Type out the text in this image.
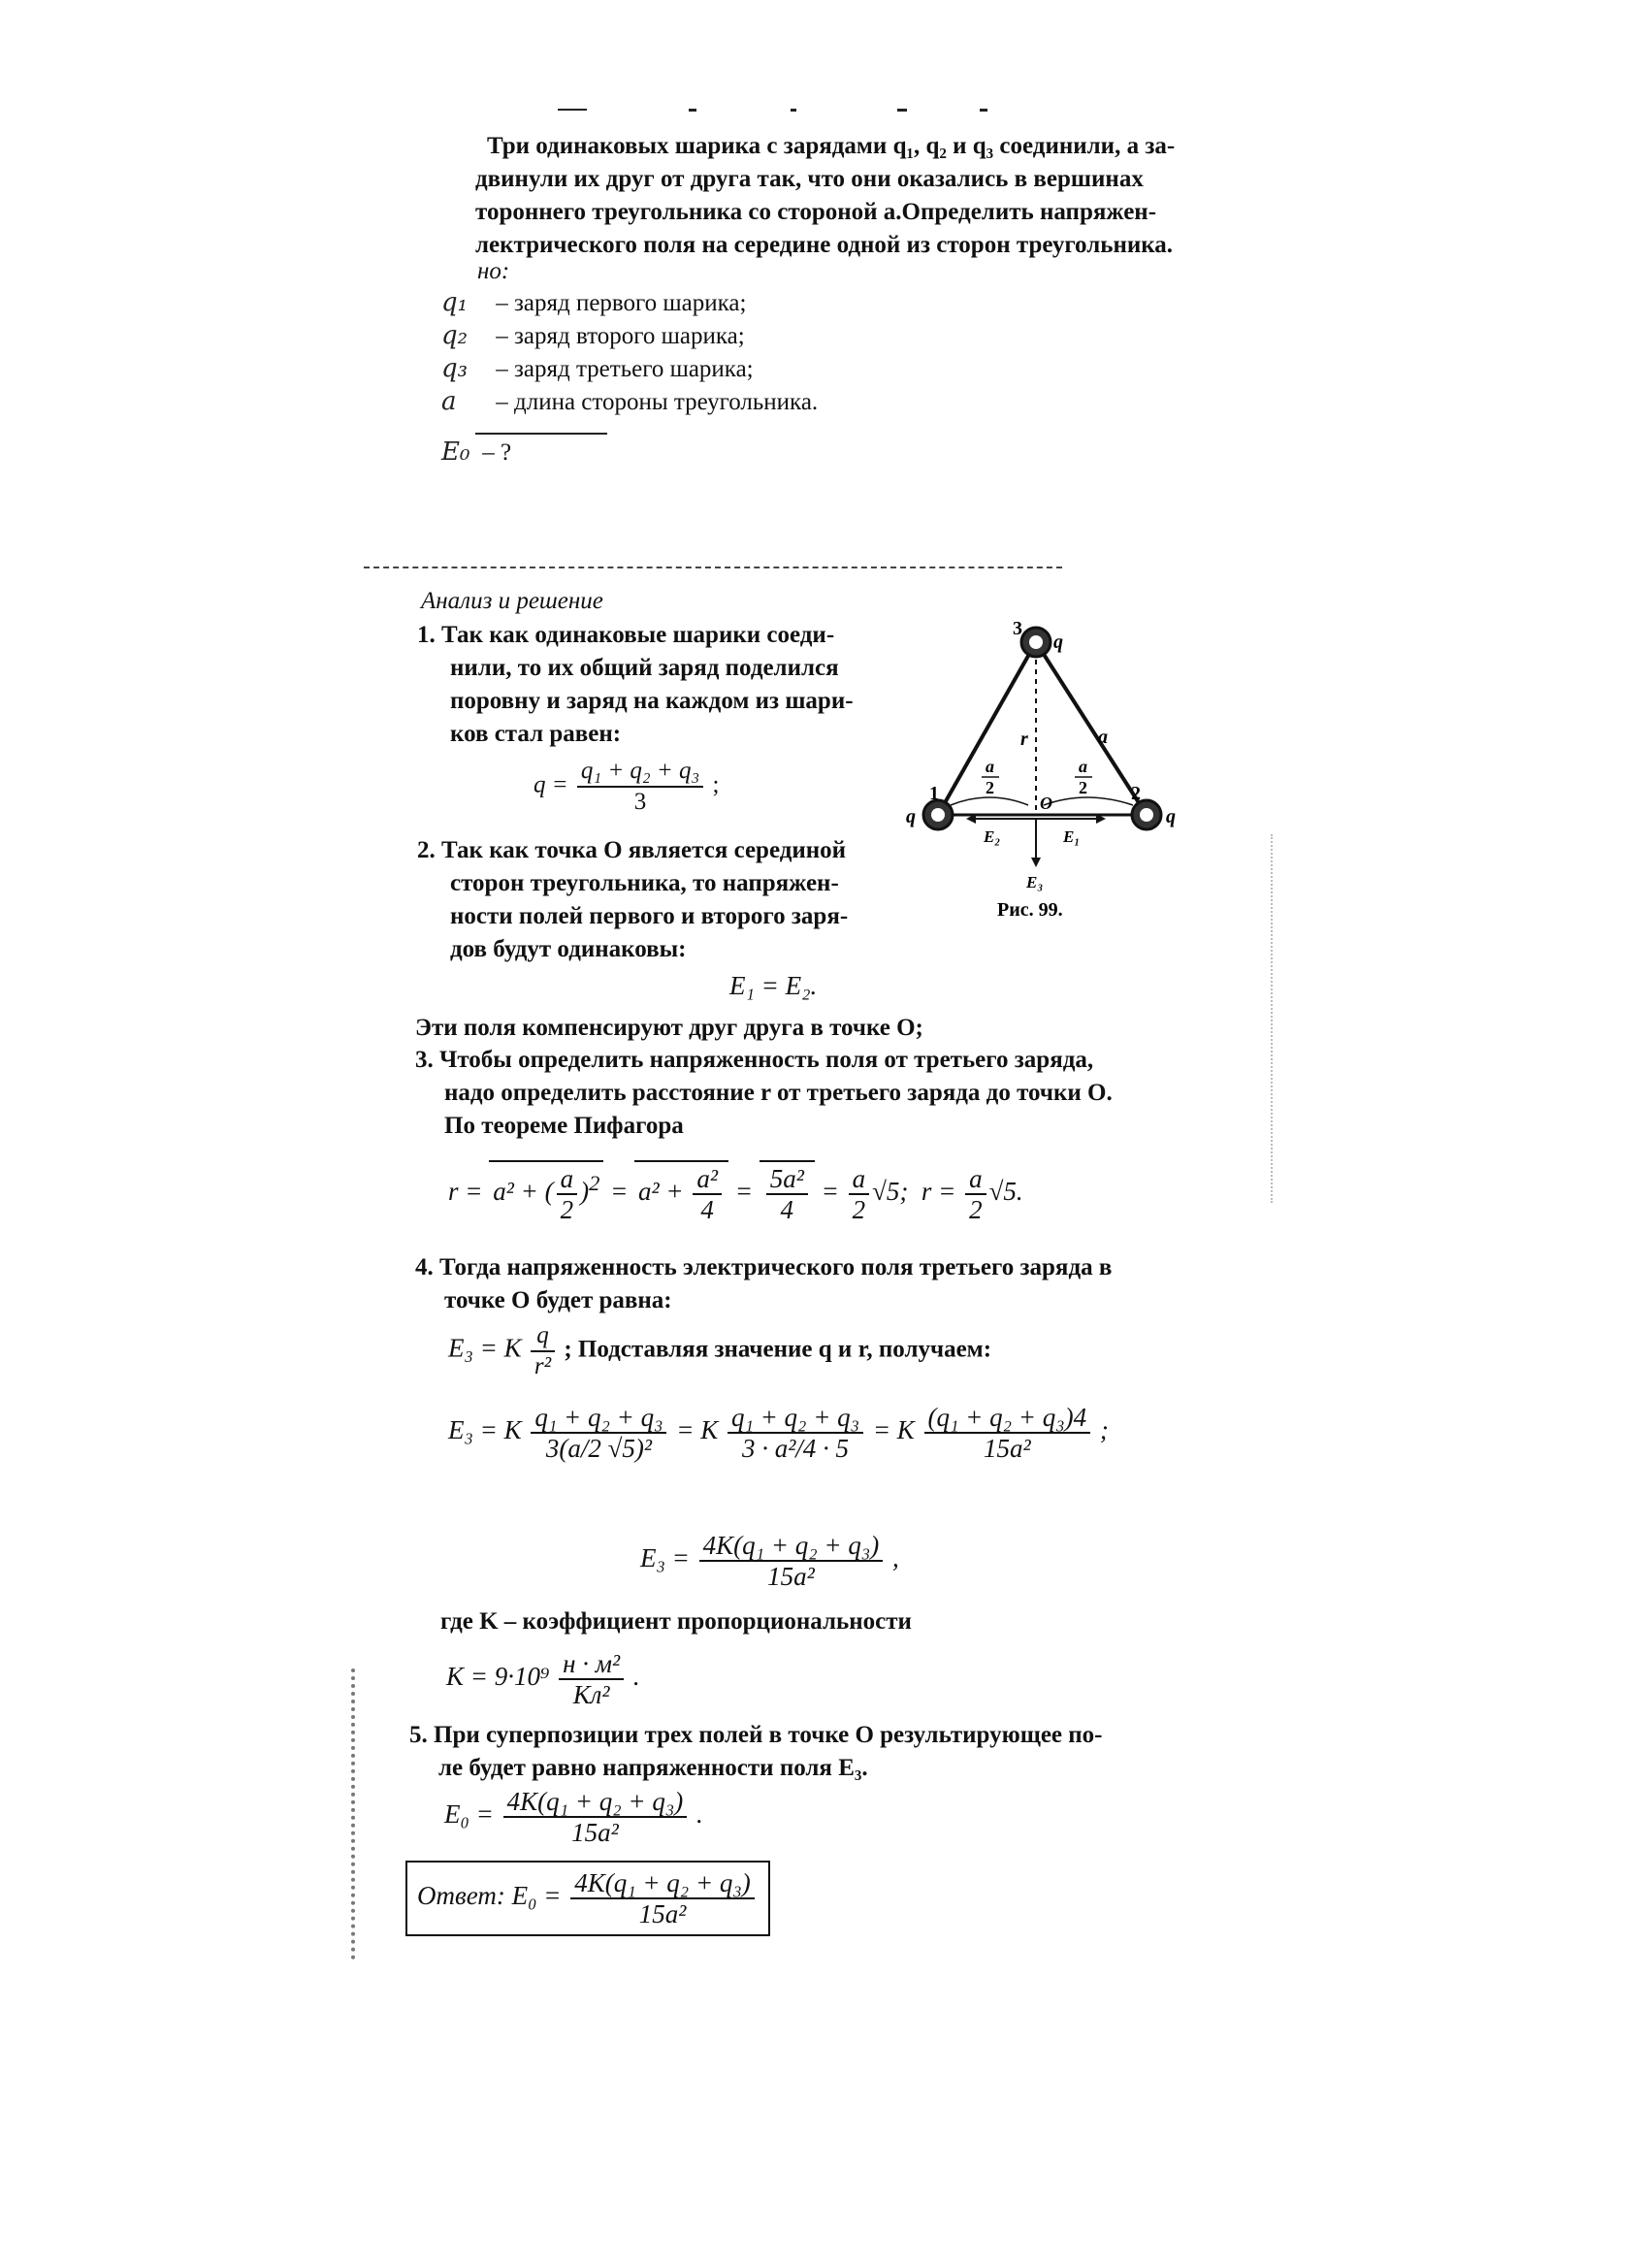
Три одинаковых шарика с зарядами q₁, q₂ и q₃ соединили, а за-
двинули их друг от друга так, что они оказались в вершинах
тороннего треугольника со стороной a.Определить напряжен-
лектрического поля на середине одной из сторон треугольника.
но:
q₁ – заряд первого шарика;
q₂ – заряд второго шарика;
q₃ – заряд третьего шарика;
a – длина стороны треугольника.
E₀ – ?
Анализ и решение
1. Так как одинаковые шарики соеди-
нили, то их общий заряд поделился
поровну и заряд на каждом из шари-
ков стал равен:
$q = \frac{\text{q₁ + q₂ + q₃}}{3}$ ;
2. Так как точка O является серединой
сторон треугольника, то напряжен-
ности полей первого и второго заря-
дов будут одинаковы:
E₁ = E₂.
Эти поля компенсируют друг друга в точке O;
3. Чтобы определить напряженность поля от третьего заряда,
надо определить расстояние r от третьего заряда до точки O.
По теореме Пифагора
r = a² + ( $\frac{a}{2} )^2 = a^2 + \frac{\text{a²}}{4} = \frac{\text{5a²}}{4} = \frac{a}{2} √5$; $r = \frac{a}{2} √5$.
4. Тогда напряженность электрического поля третьего заряда в
точке O будет равна:
E₃ = K $\frac{q}{\text{r²}}$ ; Подставляя значение q и r, получаем:
E₃ = K $\frac{\text{q₁ + q₂ + q₃}}{\text{3(a/2 √5)²}} = K \frac{\text{q₁ + q₂ + q₃}}{\text{3 · a²/4 · 5}} = K \frac{\text{(q₁ + q₂ + q₃)4}}{\text{15a²}}$ ;
$E_3 = \frac{\text{4K(q₁ + q₂ + q₃)}}{\text{15a²}}$ ,
где K – коэффициент пропорциональности
$K = 9\cdot 10^9 \frac{\text{н · м²}}{\text{Кл²}}$ .
5. При суперпозиции трех полей в точке O результирующее по-
ле будет равно напряженности поля E₃.
$E_0 = \frac{\text{4K(q₁ + q₂ + q₃)}}{\text{15a²}}$ .
Ответ: $E_0 = \frac{\text{4K(q₁ + q₂ + q₃)}}{\text{15a²}}$
3
q
1
q
2
q
r	a
a
2
a
2
O
E₂	E₁
E₃
Рис. 99.
